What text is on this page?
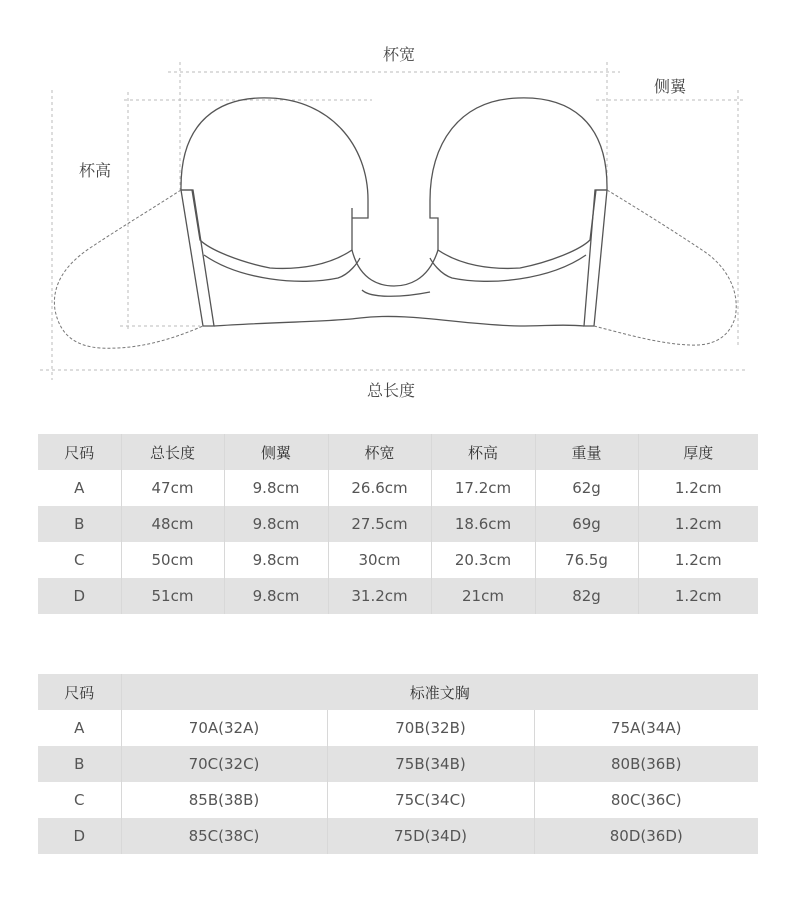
杯宽
侧翼
杯高
总长度
尺码	总长度	侧翼	杯宽	杯高	重量	厚度
A	47cm	9.8cm	26.6cm	17.2cm	62g	1.2cm
B	48cm	9.8cm	27.5cm	18.6cm	69g	1.2cm
C	50cm	9.8cm	30cm	20.3cm	76.5g	1.2cm
D	51cm	9.8cm	31.2cm	21cm	82g	1.2cm
尺码	标准文胸		
A	70A(32A)	70B(32B)	75A(34A)
B	70C(32C)	75B(34B)	80B(36B)
C	85B(38B)	75C(34C)	80C(36C)
D	85C(38C)	75D(34D)	80D(36D)
